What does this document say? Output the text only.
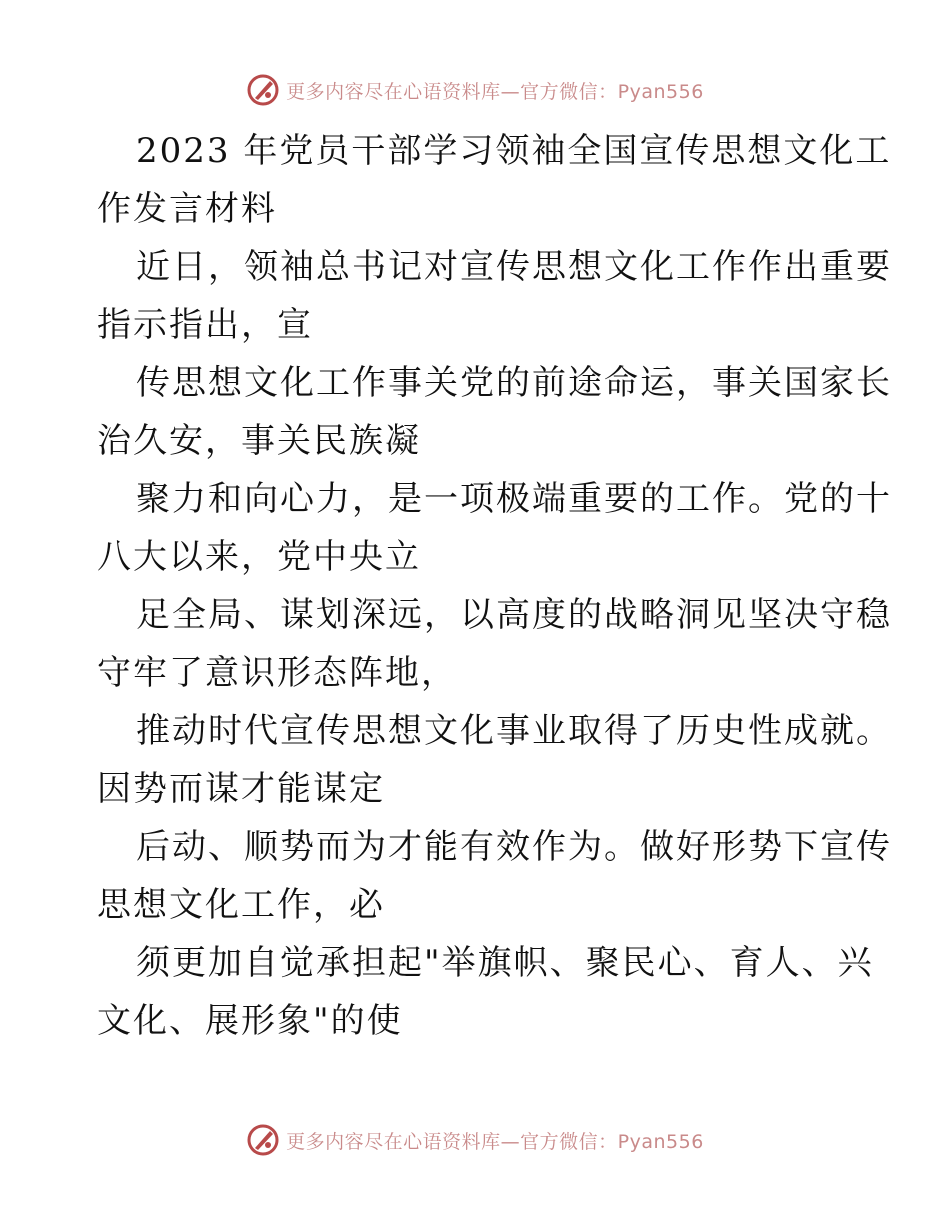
更多内容尽在心语资料库—官方微信：Pyan556

2023 年党员干部学习领袖全国宣传思想文化工
作发言材料

近日，领袖总书记对宣传思想文化工作作出重要
指示指出，宣

传思想文化工作事关党的前途命运，事关国家长
治久安，事关民族凝

聚力和向心力，是一项极端重要的工作。党的十
八大以来，党中央立

足全局、谋划深远，以高度的战略洞见坚决守稳
守牢了意识形态阵地，

推动时代宣传思想文化事业取得了历史性成就。
因势而谋才能谋定

后动、顺势而为才能有效作为。做好形势下宣传
思想文化工作，必

须更加自觉承担起"举旗帜、聚民心、育人、兴
文化、展形象"的使

更多内容尽在心语资料库—官方微信：Pyan556
